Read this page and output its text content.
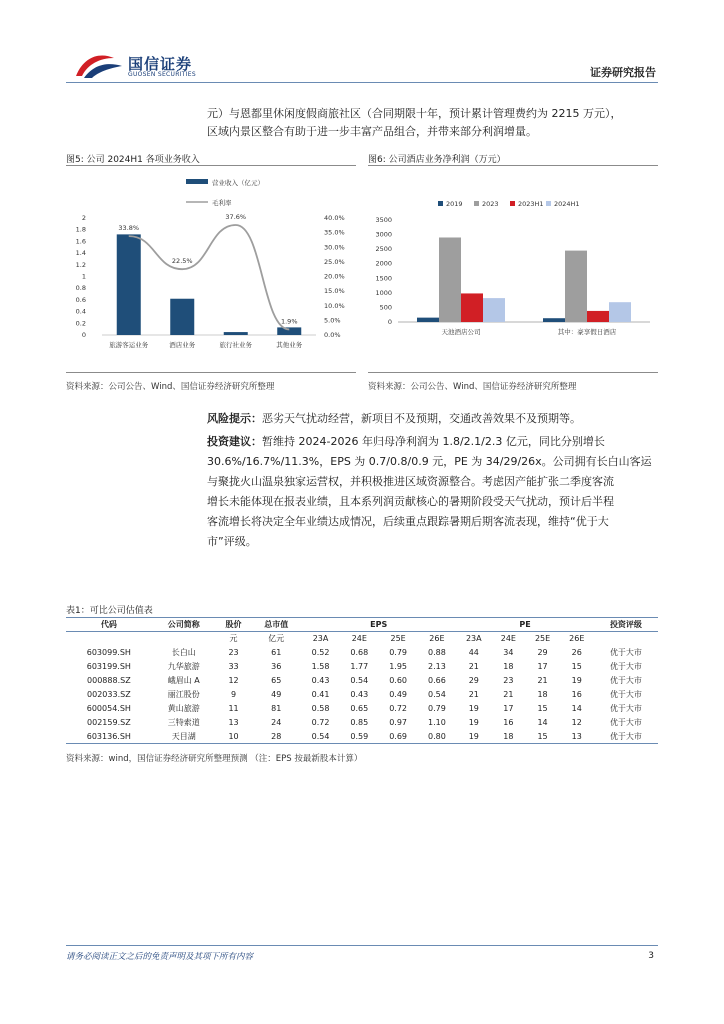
国信证券
GUOSEN SECURITIES	证券研究报告
元）与恩都里休闲度假商旅社区（合同期限十年，预计累计管理费约为 2215 万元），
区域内景区整合有助于进一步丰富产品组合，并带来部分利润增量。
图5: 公司 2024H1 各项业务收入
营业收入（亿元）
毛利率
0
0.2
0.4
0.6
0.8
1
1.2
1.4
1.6
1.8
2
0.0%
5.0%
10.0%
15.0%
20.0%
25.0%
30.0%
35.0%
40.0%
旅游客运业务	酒店业务	旅行社业务	其他业务
33.8%
22.5%
37.6%
1.9%
资料来源：公司公告、Wind、国信证券经济研究所整理
图6: 公司酒店业务净利润（万元）
2019	2023	2023H1 2024H1
0
500
1000
1500
2000
2500
3000
3500
天池酒店公司	其中：豪享假日酒店
资料来源：公司公告、Wind、国信证券经济研究所整理
风险提示：恶劣天气扰动经营，新项目不及预期，交通改善效果不及预期等。
投资建议：暂维持 2024-2026 年归母净利润为 1.8/2.1/2.3 亿元，同比分别增长
30.6%/16.7%/11.3%，EPS 为 0.7/0.8/0.9 元，PE 为 34/29/26x。公司拥有长白山客运
与聚拢火山温泉独家运营权，并积极推进区域资源整合。考虑因产能扩张二季度客流
增长未能体现在报表业绩，且本系列润贡献核心的暑期阶段受天气扰动，预计后半程
客流增长将决定全年业绩达成情况，后续重点跟踪暑期后期客流表现，维持“优于大
市”评级。
表1：可比公司估值表
代码	公司简称	股价	总市值	EPS				PE				投资评级
		元	亿元	23A	24E	25E	26E	23A	24E	25E	26E	
603099.SH	长白山	23	61	0.52	0.68	0.79	0.88	44	34	29	26	优于大市
603199.SH	九华旅游	33	36	1.58	1.77	1.95	2.13	21	18	17	15	优于大市
000888.SZ	峨眉山 A	12	65	0.43	0.54	0.60	0.66	29	23	21	19	优于大市
002033.SZ	丽江股份	9	49	0.41	0.43	0.49	0.54	21	21	18	16	优于大市
600054.SH	黄山旅游	11	81	0.58	0.65	0.72	0.79	19	17	15	14	优于大市
002159.SZ	三特索道	13	24	0.72	0.85	0.97	1.10	19	16	14	12	优于大市
603136.SH	天目湖	10	28	0.54	0.59	0.69	0.80	19	18	15	13	优于大市
资料来源：wind，国信证券经济研究所整理预测 （注：EPS 按最新股本计算）
请务必阅读正文之后的免责声明及其项下所有内容	3
